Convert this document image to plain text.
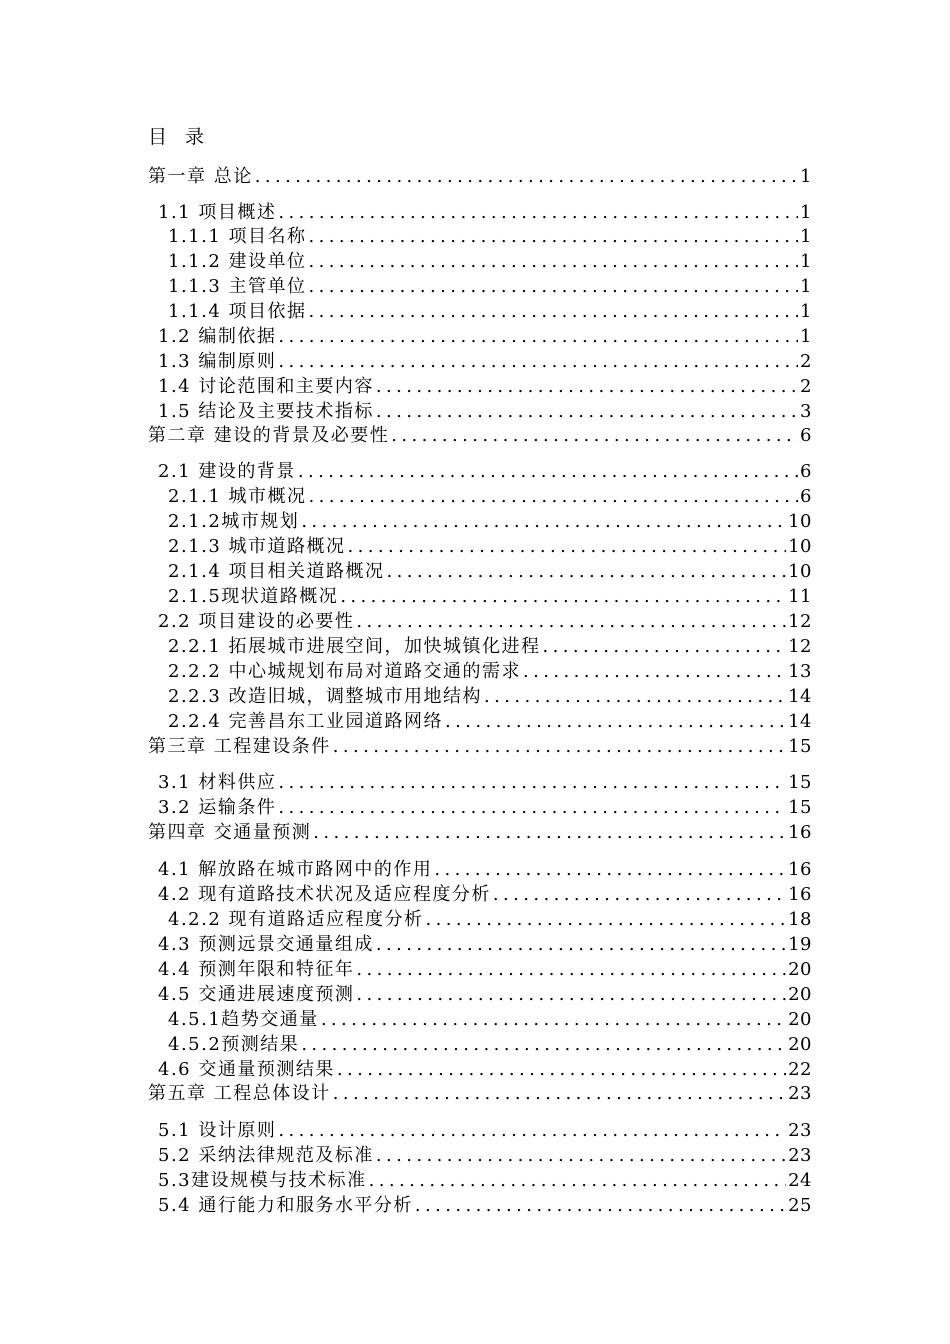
目 录
第一章 总论 .....	1
1.1 项目概述 .....	1
1.1.1 项目名称 .....	1
1.1.2 建设单位 .....	1
1.1.3 主管单位 .....	1
1.1.4 项目依据 .....	1
1.2 编制依据 .....	1
1.3 编制原则 .....	2
1.4 讨论范围和主要内容 .....	2
1.5 结论及主要技术指标 .....	3
第二章 建设的背景及必要性 .....	6
2.1 建设的背景 .....	6
2.1.1 城市概况 .....	6
2.1.2城市规划 .....	10
2.1.3 城市道路概况 .....	10
2.1.4 项目相关道路概况 .....	10
2.1.5现状道路概况 .....	11
2.2 项目建设的必要性 .....	12
2.2.1 拓展城市进展空间，加快城镇化进程 .....	12
2.2.2 中心城规划布局对道路交通的需求 .....	13
2.2.3 改造旧城，调整城市用地结构 .....	14
2.2.4 完善昌东工业园道路网络 .....	14
第三章 工程建设条件 .....	15
3.1 材料供应 .....	15
3.2 运输条件 .....	15
第四章 交通量预测 .....	16
4.1 解放路在城市路网中的作用 .....	16
4.2 现有道路技术状况及适应程度分析 .....	16
4.2.2 现有道路适应程度分析 .....	18
4.3 预测远景交通量组成 .....	19
4.4 预测年限和特征年 .....	20
4.5 交通进展速度预测 .....	20
4.5.1趋势交通量 .....	20
4.5.2预测结果 .....	20
4.6 交通量预测结果 .....	22
第五章 工程总体设计 .....	23
5.1 设计原则 .....	23
5.2 采纳法律规范及标准 .....	23
5.3建设规模与技术标准 .....	24
5.4 通行能力和服务水平分析 .....	25
